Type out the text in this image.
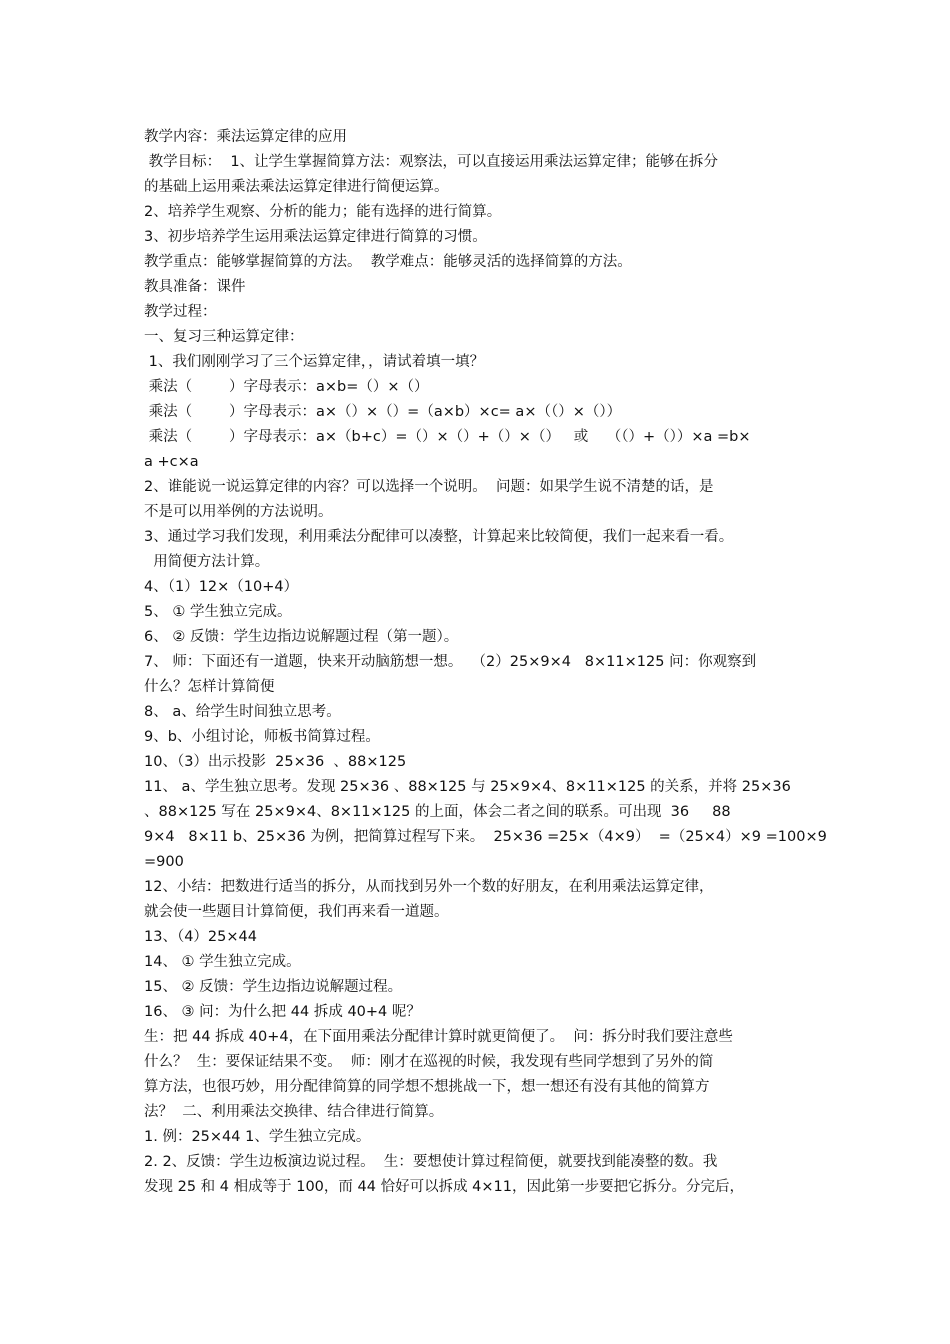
教学内容：乘法运算定律的应用
教学目标：  1、让学生掌握简算方法：观察法，可以直接运用乘法运算定律；能够在拆分
的基础上运用乘法乘法运算定律进行简便运算。
2、培养学生观察、分析的能力；能有选择的进行简算。
3、初步培养学生运用乘法运算定律进行简算的习惯。
教学重点：能够掌握简算的方法。  教学难点：能够灵活的选择简算的方法。
教具准备：课件
教学过程：
一、复习三种运算定律：
1、我们刚刚学习了三个运算定律，，请试着填一填？
乘法（        ）字母表示：a×b=（）×（）
乘法（        ）字母表示：a×（）×（）=（a×b）×c= a×（（）×（））
乘法（        ）字母表示：a×（b+c）=（）×（）+（）×（）   或    （（）+（））×a =b×
a +c×a
2、谁能说一说运算定律的内容？可以选择一个说明。  问题：如果学生说不清楚的话，是
不是可以用举例的方法说明。
3、通过学习我们发现，利用乘法分配律可以凑整，计算起来比较简便，我们一起来看一看。
用简便方法计算。
4、（1）12×（10+4）
5、 ① 学生独立完成。
6、 ② 反馈：学生边指边说解题过程（第一题）。
7、 师：下面还有一道题，快来开动脑筋想一想。  （2）25×9×4   8×11×125 问：你观察到
什么？怎样计算简便
8、 a、给学生时间独立思考。
9、b、小组讨论，师板书简算过程。
10、（3）出示投影  25×36  、88×125
11、 a、学生独立思考。发现 25×36 、88×125 与 25×9×4、8×11×125 的关系，并将 25×36
、88×125 写在 25×9×4、8×11×125 的上面，体会二者之间的联系。可出现  36     88
9×4   8×11 b、25×36 为例，把简算过程写下来。  25×36 =25×（4×9）  =（25×4）×9 =100×9
=900
12、小结：把数进行适当的拆分，从而找到另外一个数的好朋友，在利用乘法运算定律，
就会使一些题目计算简便，我们再来看一道题。
13、（4）25×44
14、 ① 学生独立完成。
15、 ② 反馈：学生边指边说解题过程。
16、 ③ 问：为什么把 44 拆成 40+4 呢？
生：把 44 拆成 40+4，在下面用乘法分配律计算时就更简便了。  问：拆分时我们要注意些
什么？  生：要保证结果不变。  师：刚才在巡视的时候，我发现有些同学想到了另外的简
算方法，也很巧妙，用分配律简算的同学想不想挑战一下，想一想还有没有其他的简算方
法？  二、利用乘法交换律、结合律进行简算。
1. 例：25×44 1、学生独立完成。
2. 2、反馈：学生边板演边说过程。  生：要想使计算过程简便，就要找到能凑整的数。我
发现 25 和 4 相成等于 100，而 44 恰好可以拆成 4×11，因此第一步要把它拆分。分完后，
